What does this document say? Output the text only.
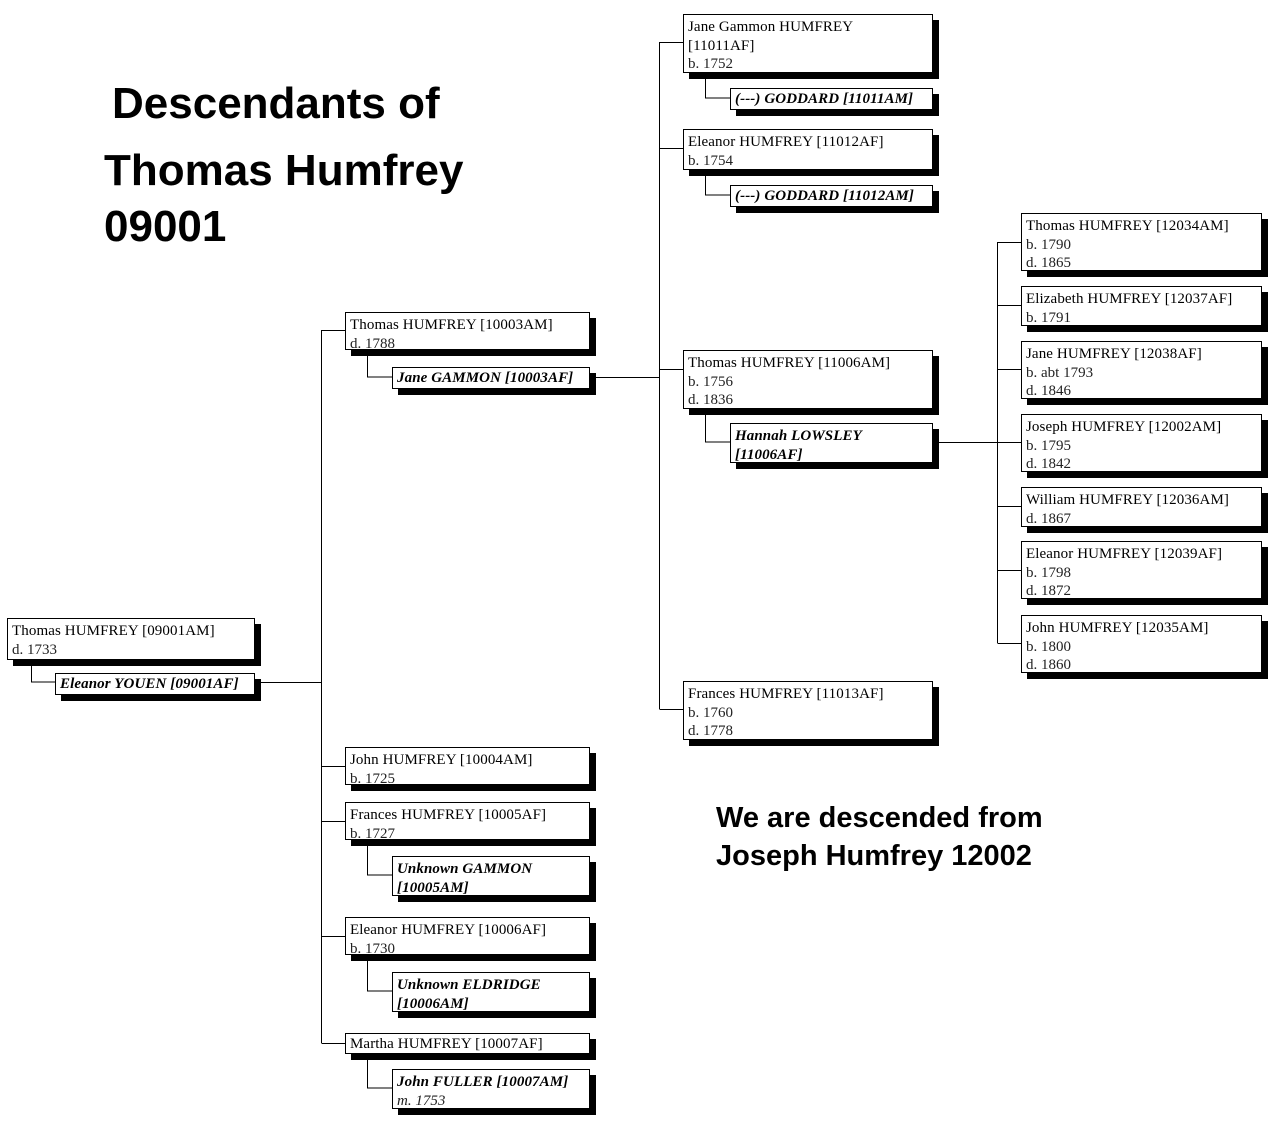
Descendants of
Thomas Humfrey
09001
We are descended from
Joseph Humfrey 12002
Thomas HUMFREY [09001AM]
d. 1733
Eleanor YOUEN [09001AF]
Thomas HUMFREY [10003AM]
d. 1788
Jane GAMMON [10003AF]
John HUMFREY [10004AM]
b. 1725
Frances HUMFREY [10005AF]
b. 1727
Unknown GAMMON
[10005AM]
Eleanor HUMFREY [10006AF]
b. 1730
Unknown ELDRIDGE
[10006AM]
Martha HUMFREY [10007AF]
John FULLER [10007AM]
m. 1753
Jane Gammon HUMFREY
[11011AF]
b. 1752
(---) GODDARD [11011AM]
Eleanor HUMFREY [11012AF]
b. 1754
(---) GODDARD [11012AM]
Thomas HUMFREY [11006AM]
b. 1756
d. 1836
Hannah LOWSLEY
[11006AF]
Frances HUMFREY [11013AF]
b. 1760
d. 1778
Thomas HUMFREY [12034AM]
b. 1790
d. 1865
Elizabeth HUMFREY [12037AF]
b. 1791
Jane HUMFREY [12038AF]
b. abt 1793
d. 1846
Joseph HUMFREY [12002AM]
b. 1795
d. 1842
William HUMFREY [12036AM]
d. 1867
Eleanor HUMFREY [12039AF]
b. 1798
d. 1872
John HUMFREY [12035AM]
b. 1800
d. 1860
